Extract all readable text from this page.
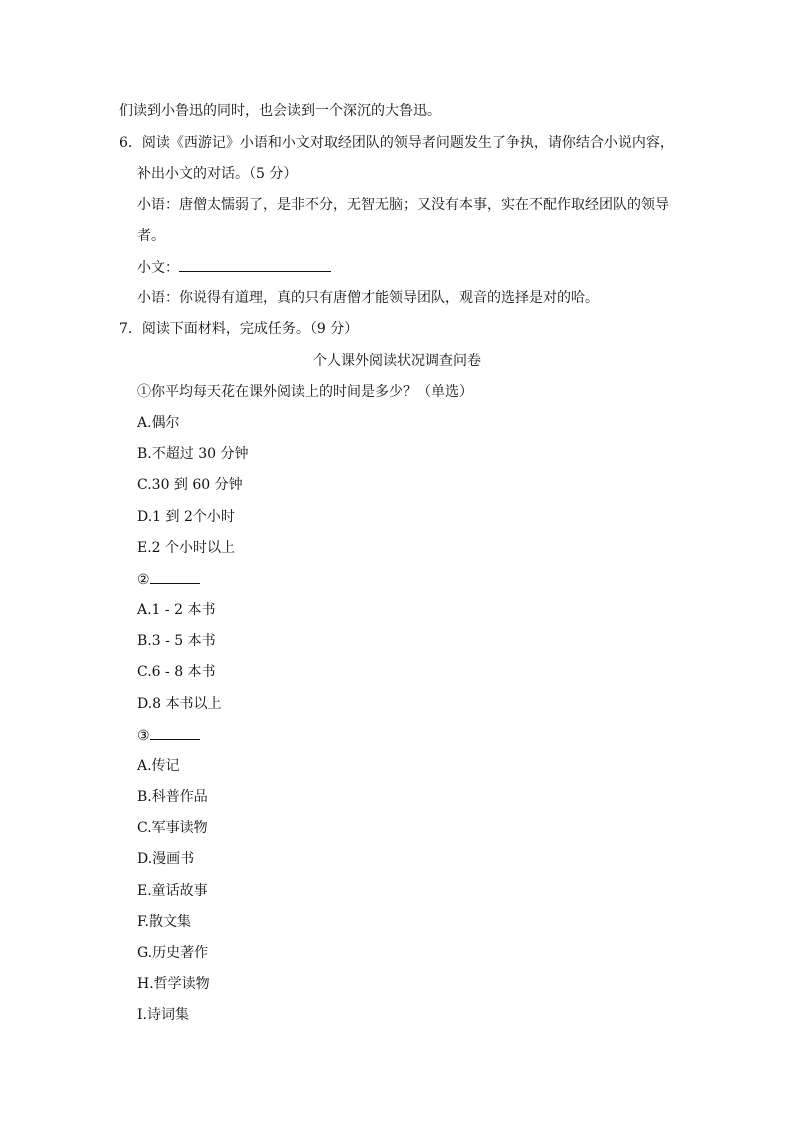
们读到小鲁迅的同时，也会读到一个深沉的大鲁迅。
6．阅读《西游记》小语和小文对取经团队的领导者问题发生了争执，请你结合小说内容，
补出小文的对话。（5 分）
小语：唐僧太懦弱了，是非不分，无智无脑；又没有本事，实在不配作取经团队的领导
者。
小文：
小语：你说得有道理，真的只有唐僧才能领导团队，观音的选择是对的哈。
7．阅读下面材料，完成任务。（9 分）
个人课外阅读状况调查问卷
①你平均每天花在课外阅读上的时间是多少？（单选）
A.偶尔
B.不超过 30 分钟
C.30 到 60 分钟
D.1 到 2个小时
E.2 个小时以上
②
A.1 - 2 本书
B.3 - 5 本书
C.6 - 8 本书
D.8 本书以上
③
A.传记
B.科普作品
C.军事读物
D.漫画书
E.童话故事
F.散文集
G.历史著作
H.哲学读物
I.诗词集
